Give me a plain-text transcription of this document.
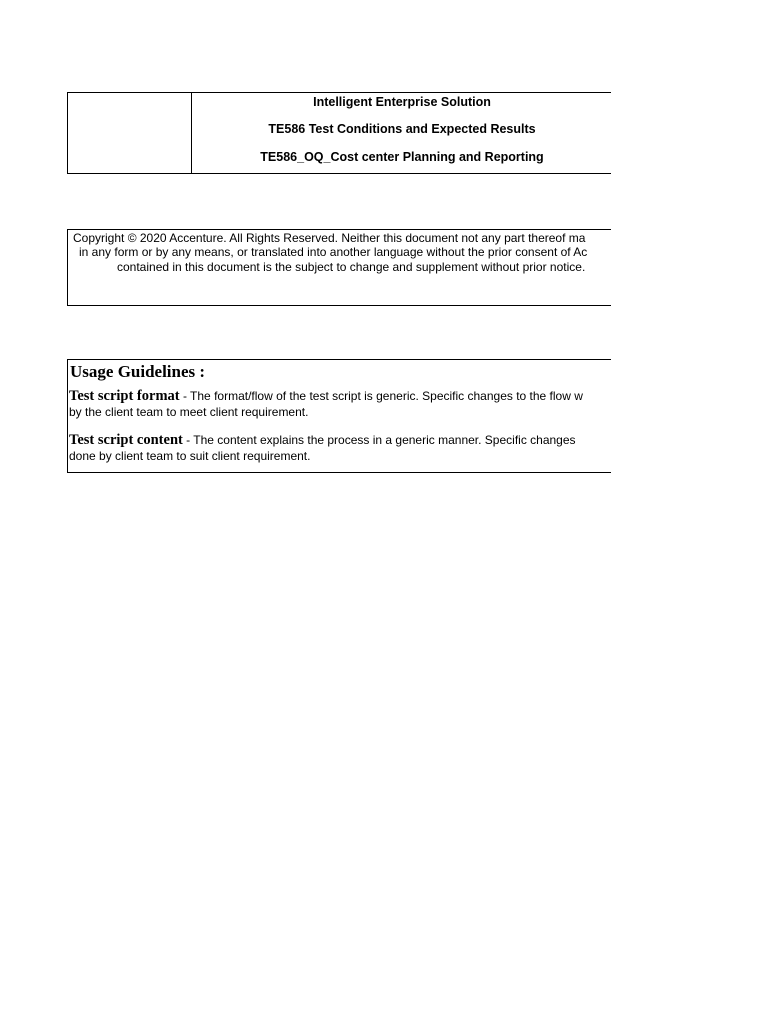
Intelligent Enterprise Solution
TE586 Test Conditions and Expected Results
TE586_OQ_Cost center Planning and Reporting
Copyright © 2020 Accenture. All Rights Reserved. Neither this document not any part thereof ma
in any form or by any means, or translated into another language without the prior consent of Ac
contained in this document is the subject to change and supplement without prior notice.
Usage Guidelines :
Test script format - The format/flow of the test script is generic. Specific changes to the flow w
by the client team to meet client requirement.
Test script content - The content explains the process in a generic manner. Specific changes
done by client team to suit client requirement.
